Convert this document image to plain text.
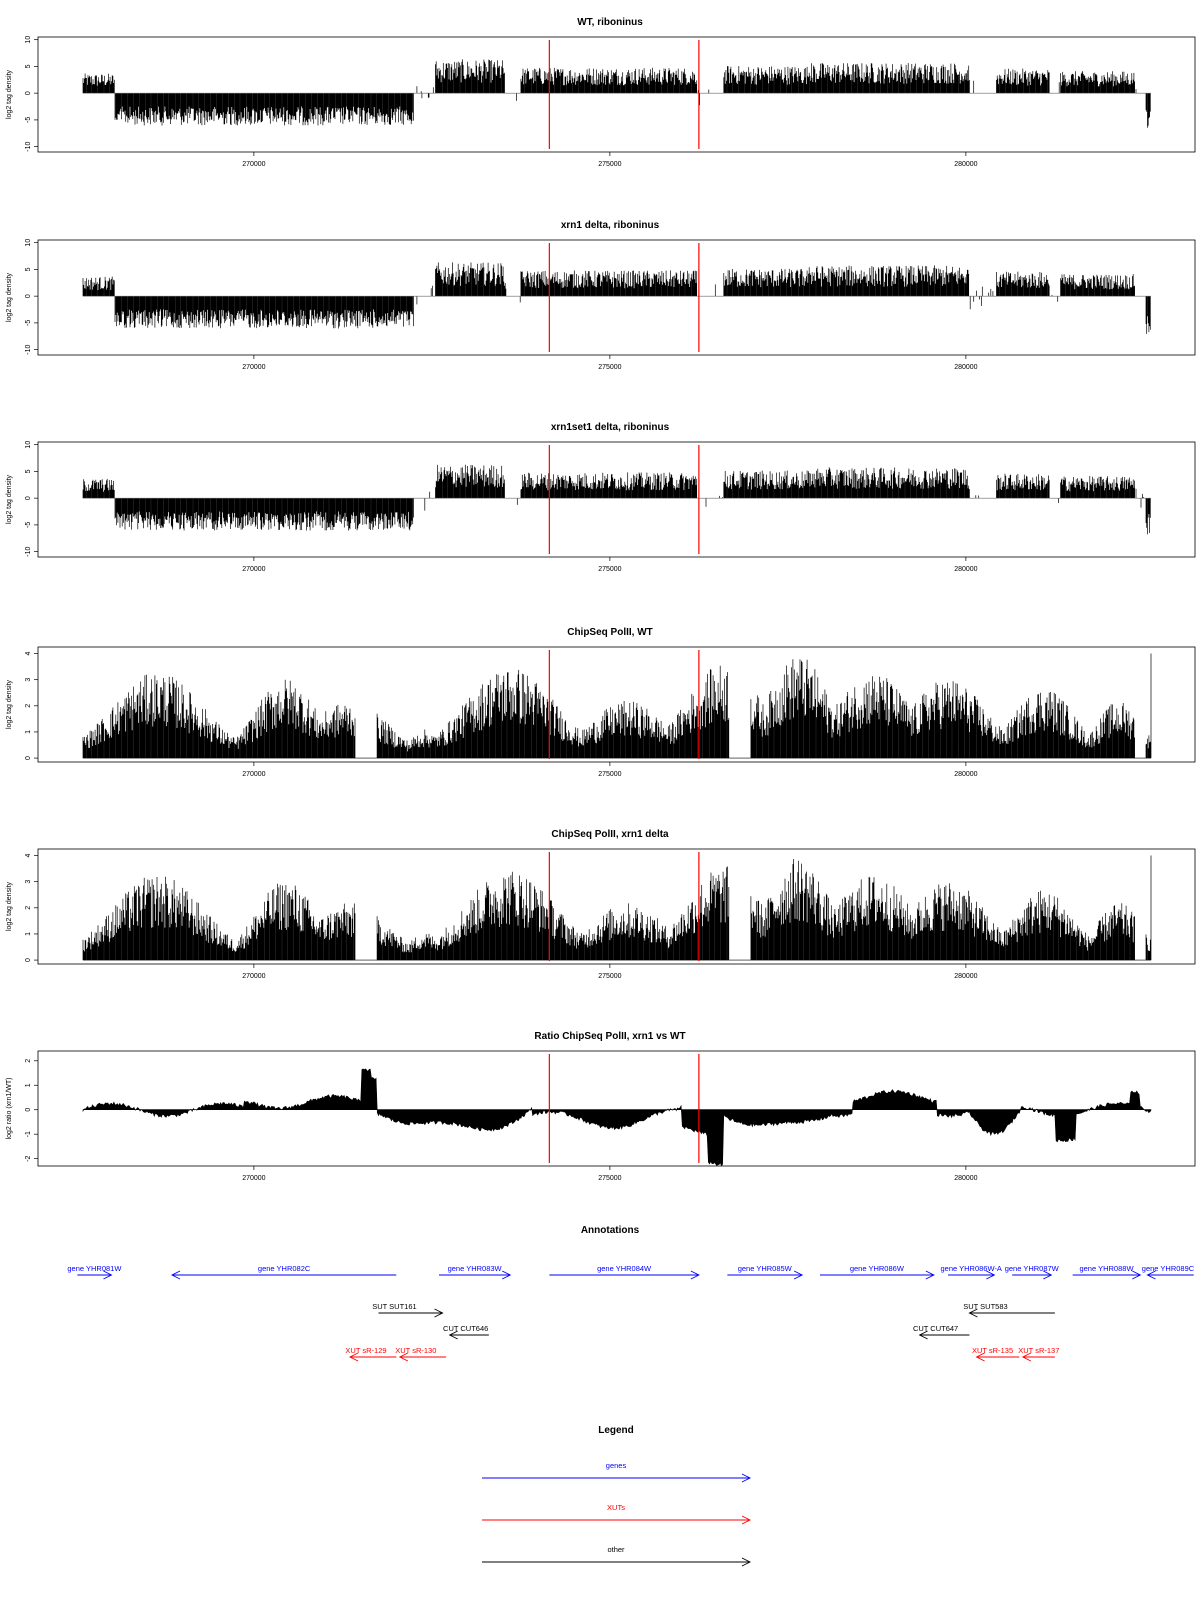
WT, riboninus
log2 tag density
10
5
0
-5
-10
270000	275000	280000
xrn1 delta, riboninus
log2 tag density
10
5
0
-5
-10
270000	275000	280000
xrn1set1 delta, riboninus
log2 tag density
10
5
0
-5
-10
270000	275000	280000
ChipSeq PolII, WT
log2 tag density
4
3
2
1
0
270000	275000	280000
ChipSeq PolII, xrn1 delta
log2 tag density
4
3
2
1
0
270000	275000	280000
Ratio ChipSeq PolII, xrn1 vs WT
log2 ratio (xrn1/WT)
2
1
0
-1
-2
270000	275000	280000
Annotations
gene YHR081W	gene YHR082C	gene YHR083W	gene YHR084W	gene YHR085W	gene YHR086W	gene YHR086W-A gene YHR087W	gene YHR088W gene YHR089C
SUT SUT161	SUT SUT583
CUT CUT646	CUT CUT647
XUT sR-129 XUT sR-130	XUT sR-135 XUT sR-137
Legend
genes
XUTs
other
